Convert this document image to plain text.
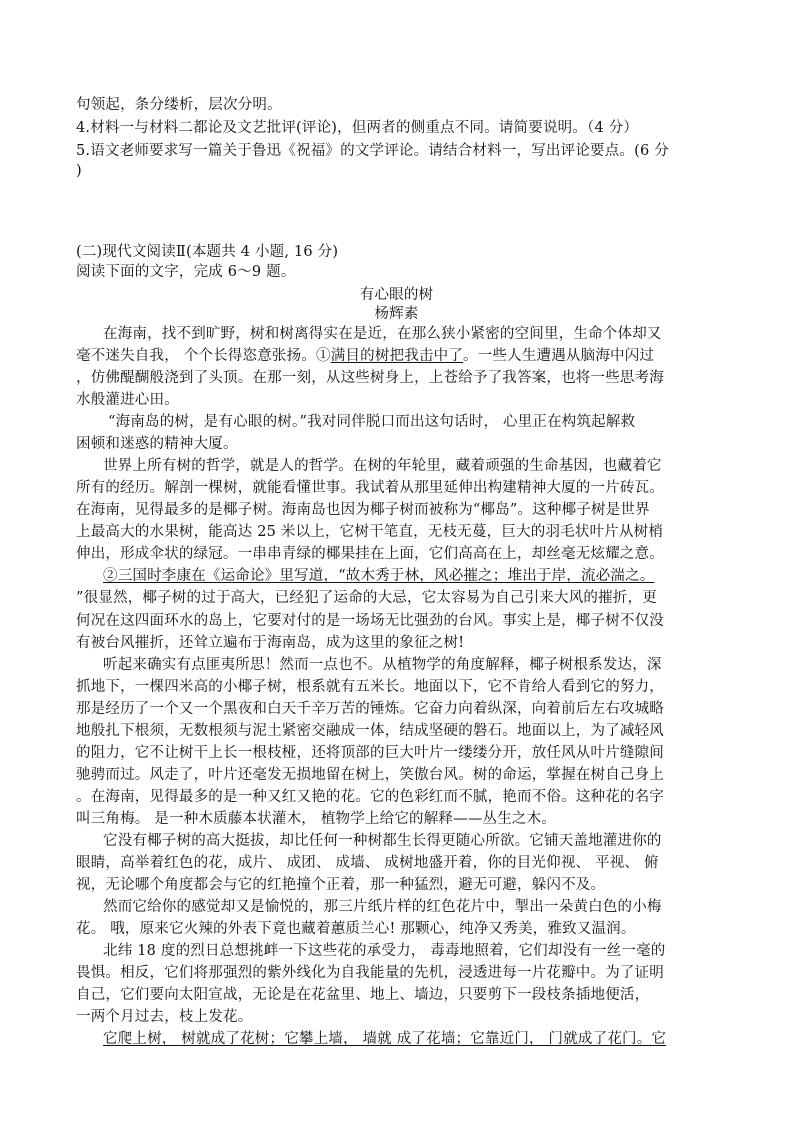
句领起，条分缕析，层次分明。
4.材料一与材料二都论及文艺批评(评论)，但两者的侧重点不同。请简要说明。（4 分）
5.语文老师要求写一篇关于鲁迅《祝福》的文学评论。请结合材料一，写出评论要点。(6 分
)
(二)现代文阅读Ⅱ(本题共 4 小题, 16 分)
阅读下面的文字，完成 6～9 题。
有心眼的树
杨辉素
在海南，找不到旷野，树和树离得实在是近，在那么狭小紧密的空间里，生命个体却又
毫不迷失自我， 个个长得恣意张扬。①满目的树把我击中了。一些人生遭遇从脑海中闪过
，仿佛醍醐般浇到了头顶。在那一刻，从这些树身上，上苍给予了我答案，也将一些思考海
水般灌进心田。
“海南岛的树，是有心眼的树。”我对同伴脱口而出这句话时， 心里正在构筑起解救
困顿和迷惑的精神大厦。
世界上所有树的哲学，就是人的哲学。在树的年轮里，藏着顽强的生命基因，也藏着它
所有的经历。解剖一棵树，就能看懂世事。我试着从那里延伸出构建精神大厦的一片砖瓦。
在海南，见得最多的是椰子树。海南岛也因为椰子树而被称为“椰岛”。这种椰子树是世界
上最高大的水果树，能高达 25 米以上，它树干笔直，无枝无蔓，巨大的羽毛状叶片从树梢
伸出，形成伞状的绿冠。一串串青绿的椰果挂在上面，它们高高在上，却丝毫无炫耀之意。
②三国时李康在《运命论》里写道，“故木秀于林，风必摧之；堆出于岸，流必湍之。
”很显然，椰子树的过于高大，已经犯了运命的大忌，它太容易为自己引来大风的摧折，更
何况在这四面环水的岛上，它要对付的是一场场无比强劲的台风。事实上是，椰子树不仅没
有被台风摧折，还耸立遍布于海南岛，成为这里的象征之树!
听起来确实有点匪夷所思！然而一点也不。从植物学的角度解释，椰子树根系发达，深
抓地下，一棵四米高的小椰子树，根系就有五米长。地面以下，它不肯给人看到它的努力，
那是经历了一个又一个黑夜和白天千辛万苦的锤炼。它奋力向着纵深，向着前后左右攻城略
地般扎下根须，无数根须与泥土紧密交融成一体，结成坚硬的磐石。地面以上，为了减轻风
的阻力，它不让树干上长一根枝桠，还将顶部的巨大叶片一缕缕分开，放任风从叶片缝隙间
驰骋而过。风走了，叶片还毫发无损地留在树上，笑傲台风。树的命运，掌握在树自己身上
。在海南，见得最多的是一种又红又艳的花。它的色彩红而不腻，艳而不俗。这种花的名字
叫三角梅。 是一种木质藤本状灌木， 植物学上给它的解释——丛生之木。
它没有椰子树的高大挺拔，却比任何一种树都生长得更随心所欲。它铺天盖地灌进你的
眼睛，高举着红色的花，成片、 成团、 成墙、 成树地盛开着，你的目光仰视、 平视、 俯
视，无论哪个角度都会与它的红艳撞个正着，那一种猛烈，避无可避，躲闪不及。
然而它给你的感觉却又是愉悦的，那三片纸片样的红色花片中，掣出一朵黄白色的小梅
花。 哦，原来它火辣的外表下竟也藏着蕙质兰心! 那颗心，纯净又秀美，雅致又温润。
北纬 18 度的烈日总想挑衅一下这些花的承受力， 毒毒地照着，它们却没有一丝一毫的
畏惧。相反，它们将那强烈的紫外线化为自我能量的先机，浸透进每一片花瓣中。为了证明
自己，它们要向太阳宣战，无论是在花盆里、地上、墙边，只要剪下一段枝条插地便活，
一两个月过去，枝上发花。
它爬上树， 树就成了花树；它攀上墙， 墙就 成了花墙；它靠近门， 门就成了花门。它
